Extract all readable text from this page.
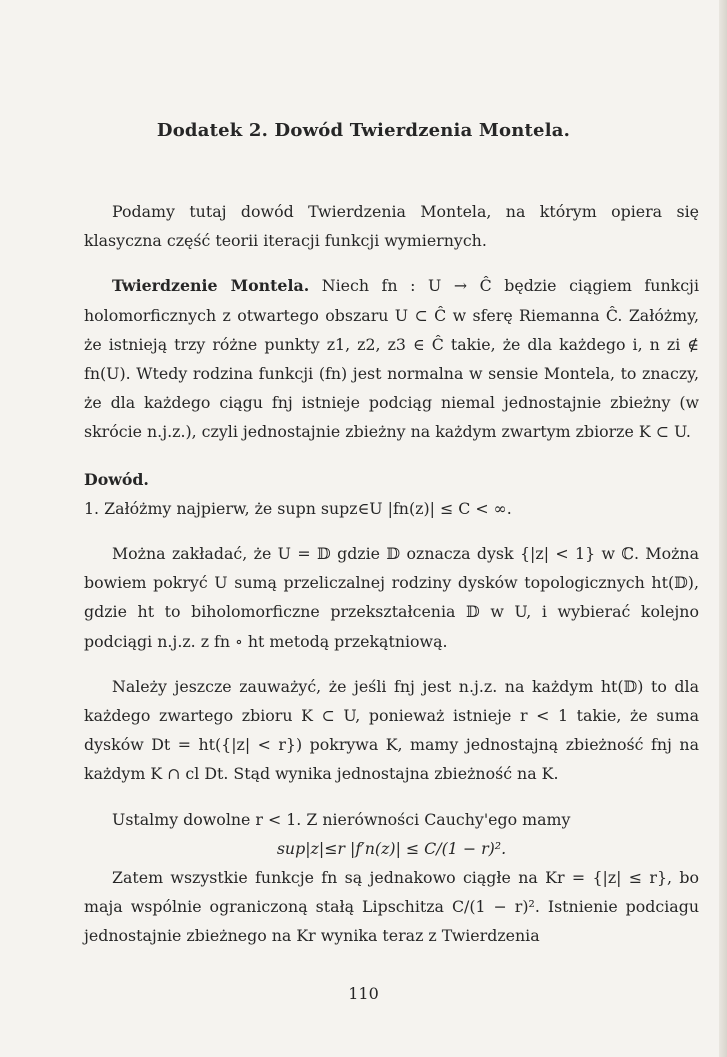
Dodatek 2. Dowód Twierdzenia Montela.

Podamy tutaj dowód Twierdzenia Montela, na którym opiera się klasyczna część teorii iteracji funkcji wymiernych.

Twierdzenie Montela. Niech fn : U → Ĉ będzie ciągiem funkcji holomorficznych z otwartego obszaru U ⊂ Ĉ w sferę Riemanna Ĉ. Załóżmy, że istnieją trzy różne punkty z1, z2, z3 ∈ Ĉ takie, że dla każdego i, n zi ∉ fn(U). Wtedy rodzina funkcji (fn) jest normalna w sensie Montela, to znaczy, że dla każdego ciągu fnj istnieje podciąg niemal jednostajnie zbieżny (w skrócie n.j.z.), czyli jednostajnie zbieżny na każdym zwartym zbiorze K ⊂ U.

Dowód.

1. Załóżmy najpierw, że supn supz∈U |fn(z)| ≤ C < ∞.

Można zakładać, że U = 𝔻 gdzie 𝔻 oznacza dysk {|z| < 1} w ℂ. Można bowiem pokryć U sumą przeliczalnej rodziny dysków topologicznych ht(𝔻), gdzie ht to biholomorficzne przekształcenia 𝔻 w U, i wybierać kolejno podciągi n.j.z. z fn ∘ ht metodą przekątniową.

Należy jeszcze zauważyć, że jeśli fnj jest n.j.z. na każdym ht(𝔻) to dla każdego zwartego zbioru K ⊂ U, ponieważ istnieje r < 1 takie, że suma dysków Dt = ht({|z| < r}) pokrywa K, mamy jednostajną zbieżność fnj na każdym K ∩ cl Dt. Stąd wynika jednostajna zbieżność na K.

Ustalmy dowolne r < 1. Z nierówności Cauchy'ego mamy

sup|z|≤r |f′n(z)| ≤ C/(1 − r)².

Zatem wszystkie funkcje fn są jednakowo ciągłe na Kr = {|z| ≤ r}, bo maja wspólnie ograniczoną stałą Lipschitza C/(1 − r)². Istnienie podciagu jednostajnie zbieżnego na Kr wynika teraz z Twierdzenia

110
